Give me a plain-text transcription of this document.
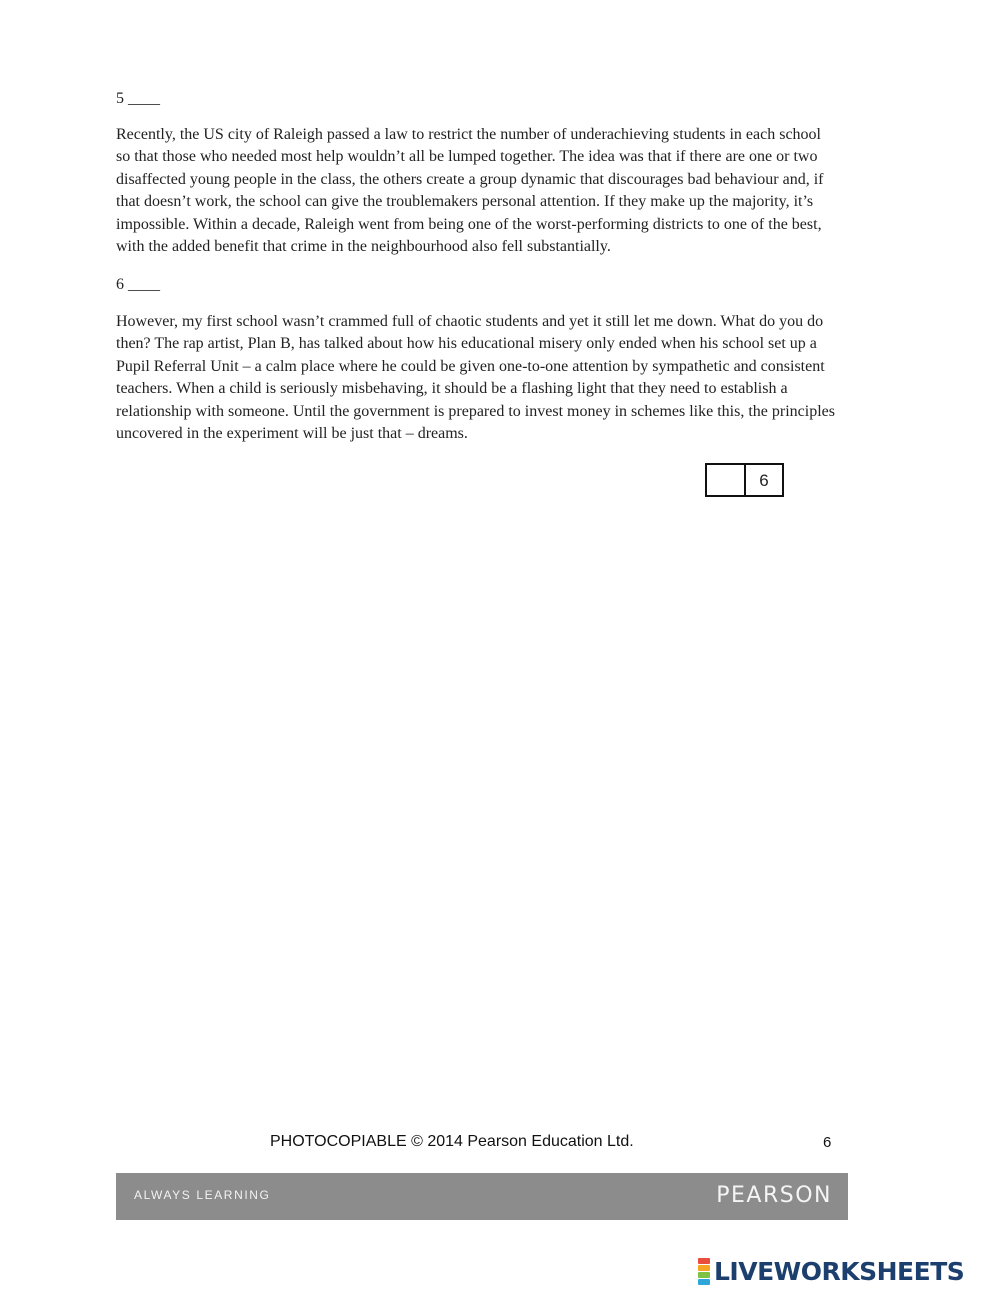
5 ____
Recently, the US city of Raleigh passed a law to restrict the number of underachieving students in each school
so that those who needed most help wouldn’t all be lumped together. The idea was that if there are one or two
disaffected young people in the class, the others create a group dynamic that discourages bad behaviour and, if
that doesn’t work, the school can give the troublemakers personal attention. If they make up the majority, it’s
impossible. Within a decade, Raleigh went from being one of the worst-performing districts to one of the best,
with the added benefit that crime in the neighbourhood also fell substantially.
6 ____
However, my first school wasn’t crammed full of chaotic students and yet it still let me down. What do you do
then? The rap artist, Plan B, has talked about how his educational misery only ended when his school set up a
Pupil Referral Unit – a calm place where he could be given one-to-one attention by sympathetic and consistent
teachers. When a child is seriously misbehaving, it should be a flashing light that they need to establish a
relationship with someone. Until the government is prepared to invest money in schemes like this, the principles
uncovered in the experiment will be just that – dreams.
6
PHOTOCOPIABLE © 2014 Pearson Education Ltd.	6
ALWAYS LEARNING	PEARSON
LIVEWORKSHEETS
